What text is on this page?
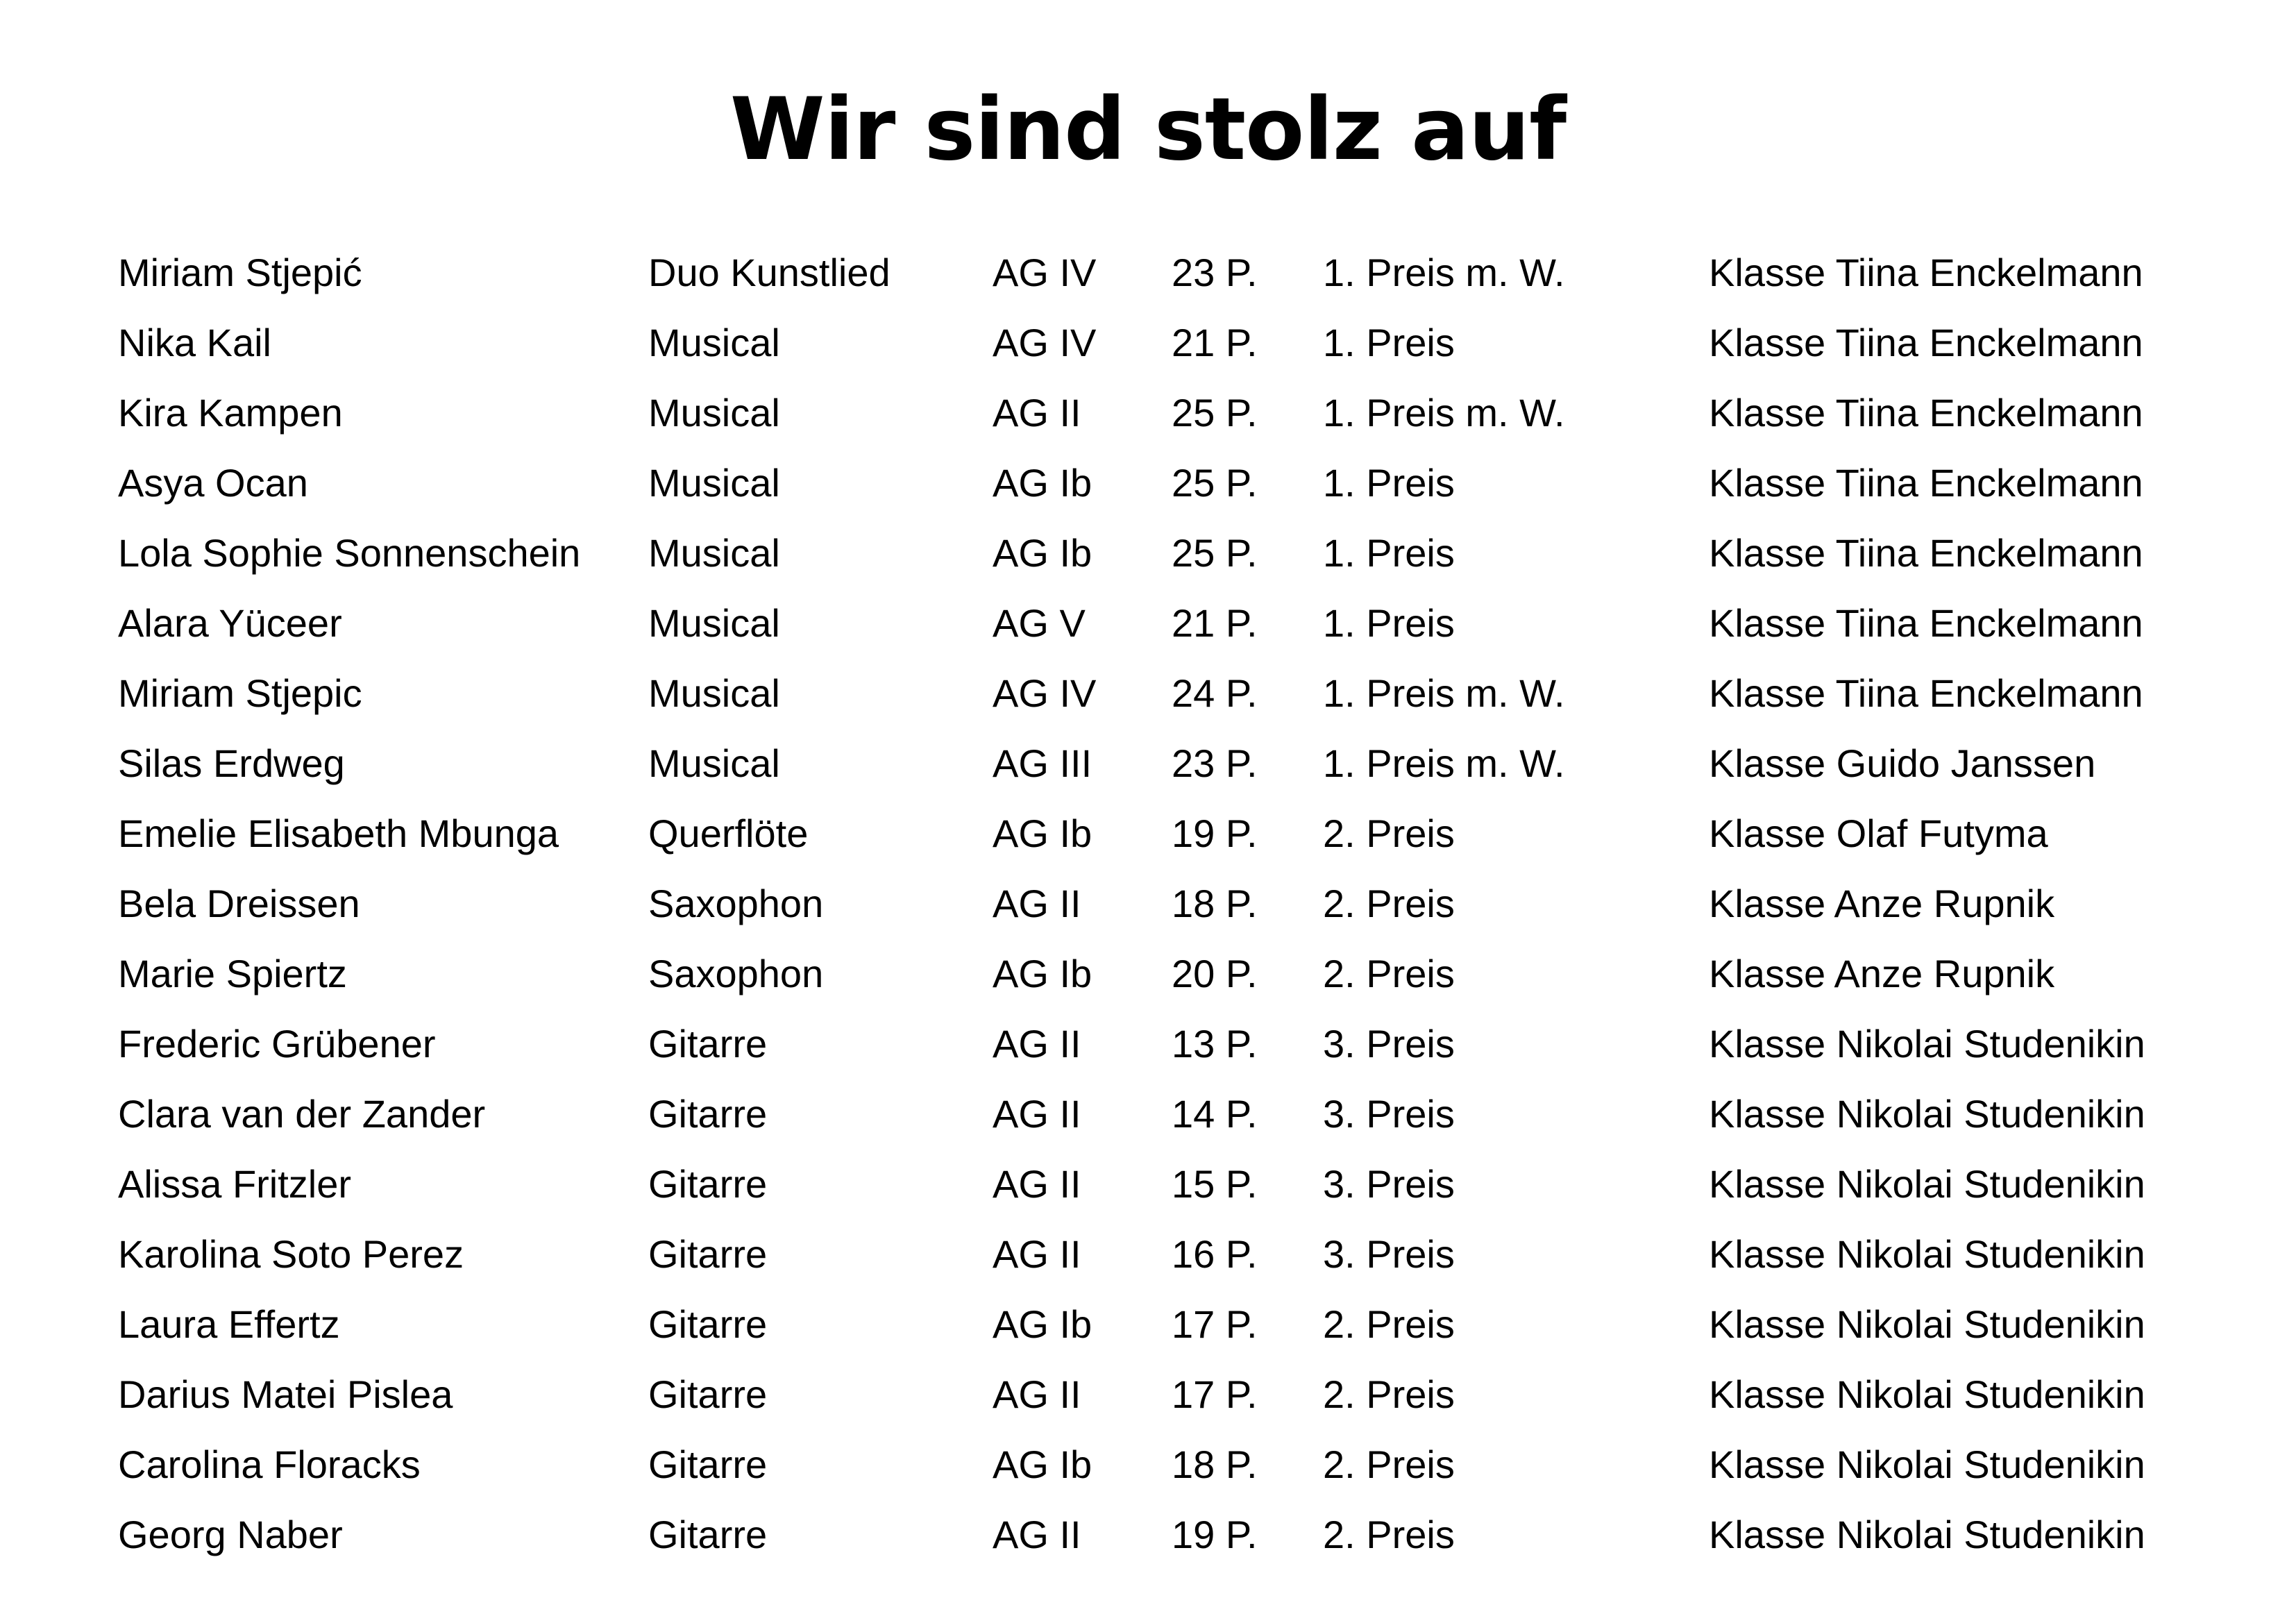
Wir sind stolz auf
Miriam Stjepić	Duo Kunstlied	AG IV	23 P.	1. Preis m. W.	Klasse Tiina Enckelmann
Nika Kail	Musical	AG IV	21 P.	1. Preis	Klasse Tiina Enckelmann
Kira Kampen	Musical	AG II	25 P.	1. Preis m. W.	Klasse Tiina Enckelmann
Asya Ocan	Musical	AG Ib	25 P.	1. Preis	Klasse Tiina Enckelmann
Lola Sophie Sonnenschein	Musical	AG Ib	25 P.	1. Preis	Klasse Tiina Enckelmann
Alara Yüceer	Musical	AG V	21 P.	1. Preis	Klasse Tiina Enckelmann
Miriam Stjepic	Musical	AG IV	24 P.	1. Preis m. W.	Klasse Tiina Enckelmann
Silas Erdweg	Musical	AG III	23 P.	1. Preis m. W.	Klasse Guido Janssen
Emelie Elisabeth Mbunga	Querflöte	AG Ib	19 P.	2. Preis	Klasse Olaf Futyma
Bela Dreissen	Saxophon	AG II	18 P.	2. Preis	Klasse Anze Rupnik
Marie Spiertz	Saxophon	AG Ib	20 P.	2. Preis	Klasse Anze Rupnik
Frederic Grübener	Gitarre	AG II	13 P.	3. Preis	Klasse Nikolai Studenikin
Clara van der Zander	Gitarre	AG II	14 P.	3. Preis	Klasse Nikolai Studenikin
Alissa Fritzler	Gitarre	AG II	15 P.	3. Preis	Klasse Nikolai Studenikin
Karolina Soto Perez	Gitarre	AG II	16 P.	3. Preis	Klasse Nikolai Studenikin
Laura Effertz	Gitarre	AG Ib	17 P.	2. Preis	Klasse Nikolai Studenikin
Darius Matei Pislea	Gitarre	AG II	17 P.	2. Preis	Klasse Nikolai Studenikin
Carolina Floracks	Gitarre	AG Ib	18 P.	2. Preis	Klasse Nikolai Studenikin
Georg Naber	Gitarre	AG II	19 P.	2. Preis	Klasse Nikolai Studenikin
